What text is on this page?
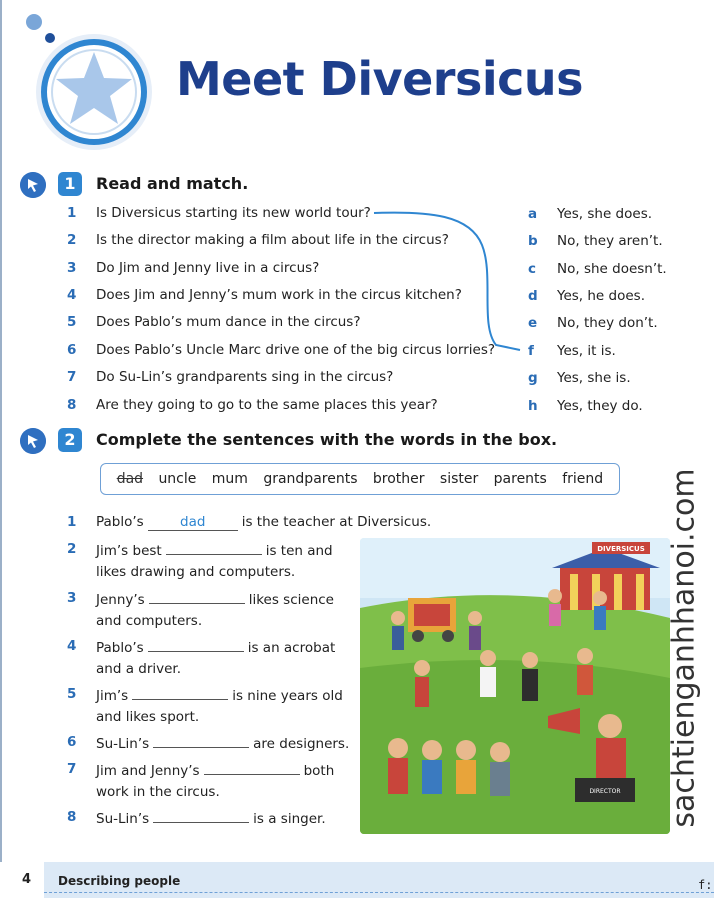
Meet Diversicus
1	Read and match.
1 Is Diversicus starting its new world tour?
2 Is the director making a film about life in the circus?
3 Do Jim and Jenny live in a circus?
4 Does Jim and Jenny’s mum work in the circus kitchen?
5 Does Pablo’s mum dance in the circus?
6 Does Pablo’s Uncle Marc drive one of the big circus lorries?
7 Do Su-Lin’s grandparents sing in the circus?
8 Are they going to go to the same places this year?
a Yes, she does.
b No, they aren’t.
c No, she doesn’t.
d Yes, he does.
e No, they don’t.
f Yes, it is.
g Yes, she is.
h Yes, they do.
2	Complete the sentences with the words in the box.
dad uncle mum grandparents brother sister parents friend
1 Pablo’s	dad	is the teacher at Diversicus.
2 Jim’s best	is ten and
likes drawing and computers.
3 Jenny’s	likes science
and computers.
4 Pablo’s	is an acrobat
and a driver.
5 Jim’s	is nine years old
and likes sport.
6 Su-Lin’s	are designers.
7 Jim and Jenny’s	both
work in the circus.
8 Su-Lin’s	is a singer.
DIVERSICUS
DIRECTOR sachtienganhhanoi.com
4 Describing people	f:
